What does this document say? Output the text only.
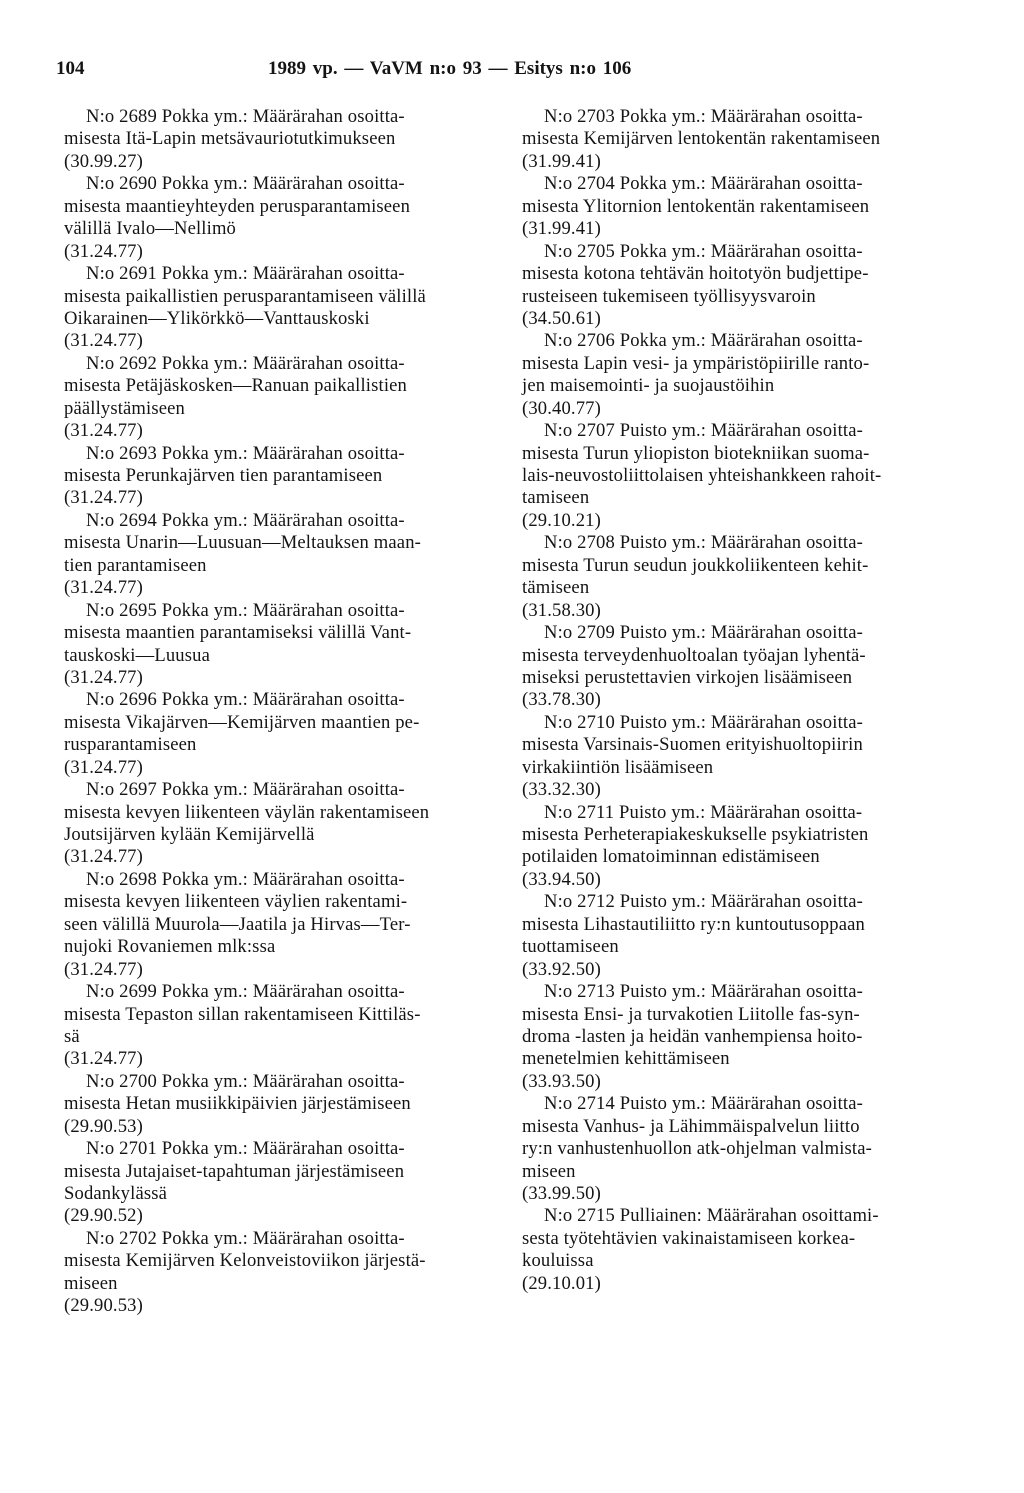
104	1989 vp. — VaVM n:o 93 — Esitys n:o 106
N:o 2689 Pokka ym.: Määrärahan osoitta-
misesta Itä-Lapin metsävauriotutkimukseen
(30.99.27)
N:o 2690 Pokka ym.: Määrärahan osoitta-
misesta maantieyhteyden perusparantamiseen
välillä Ivalo—Nellimö
(31.24.77)
N:o 2691 Pokka ym.: Määrärahan osoitta-
misesta paikallistien perusparantamiseen välillä
Oikarainen—Ylikörkkö—Vanttauskoski
(31.24.77)
N:o 2692 Pokka ym.: Määrärahan osoitta-
misesta Petäjäskosken—Ranuan paikallistien
päällystämiseen
(31.24.77)
N:o 2693 Pokka ym.: Määrärahan osoitta-
misesta Perunkajärven tien parantamiseen
(31.24.77)
N:o 2694 Pokka ym.: Määrärahan osoitta-
misesta Unarin—Luusuan—Meltauksen maan-
tien parantamiseen
(31.24.77)
N:o 2695 Pokka ym.: Määrärahan osoitta-
misesta maantien parantamiseksi välillä Vant-
tauskoski—Luusua
(31.24.77)
N:o 2696 Pokka ym.: Määrärahan osoitta-
misesta Vikajärven—Kemijärven maantien pe-
rusparantamiseen
(31.24.77)
N:o 2697 Pokka ym.: Määrärahan osoitta-
misesta kevyen liikenteen väylän rakentamiseen
Joutsijärven kylään Kemijärvellä
(31.24.77)
N:o 2698 Pokka ym.: Määrärahan osoitta-
misesta kevyen liikenteen väylien rakentami-
seen välillä Muurola—Jaatila ja Hirvas—Ter-
nujoki Rovaniemen mlk:ssa
(31.24.77)
N:o 2699 Pokka ym.: Määrärahan osoitta-
misesta Tepaston sillan rakentamiseen Kittiläs-
sä
(31.24.77)
N:o 2700 Pokka ym.: Määrärahan osoitta-
misesta Hetan musiikkipäivien järjestämiseen
(29.90.53)
N:o 2701 Pokka ym.: Määrärahan osoitta-
misesta Jutajaiset-tapahtuman järjestämiseen
Sodankylässä
(29.90.52)
N:o 2702 Pokka ym.: Määrärahan osoitta-
misesta Kemijärven Kelonveistoviikon järjestä-
miseen
(29.90.53)
N:o 2703 Pokka ym.: Määrärahan osoitta-
misesta Kemijärven lentokentän rakentamiseen
(31.99.41)
N:o 2704 Pokka ym.: Määrärahan osoitta-
misesta Ylitornion lentokentän rakentamiseen
(31.99.41)
N:o 2705 Pokka ym.: Määrärahan osoitta-
misesta kotona tehtävän hoitotyön budjettipe-
rusteiseen tukemiseen työllisyysvaroin
(34.50.61)
N:o 2706 Pokka ym.: Määrärahan osoitta-
misesta Lapin vesi- ja ympäristöpiirille ranto-
jen maisemointi- ja suojaustöihin
(30.40.77)
N:o 2707 Puisto ym.: Määrärahan osoitta-
misesta Turun yliopiston biotekniikan suoma-
lais-neuvostoliittolaisen yhteishankkeen rahoit-
tamiseen
(29.10.21)
N:o 2708 Puisto ym.: Määrärahan osoitta-
misesta Turun seudun joukkoliikenteen kehit-
tämiseen
(31.58.30)
N:o 2709 Puisto ym.: Määrärahan osoitta-
misesta terveydenhuoltoalan työajan lyhentä-
miseksi perustettavien virkojen lisäämiseen
(33.78.30)
N:o 2710 Puisto ym.: Määrärahan osoitta-
misesta Varsinais-Suomen erityishuoltopiirin
virkakiintiön lisäämiseen
(33.32.30)
N:o 2711 Puisto ym.: Määrärahan osoitta-
misesta Perheterapiakeskukselle psykiatristen
potilaiden lomatoiminnan edistämiseen
(33.94.50)
N:o 2712 Puisto ym.: Määrärahan osoitta-
misesta Lihastautiliitto ry:n kuntoutusoppaan
tuottamiseen
(33.92.50)
N:o 2713 Puisto ym.: Määrärahan osoitta-
misesta Ensi- ja turvakotien Liitolle fas-syn-
droma -lasten ja heidän vanhempiensa hoito-
menetelmien kehittämiseen
(33.93.50)
N:o 2714 Puisto ym.: Määrärahan osoitta-
misesta Vanhus- ja Lähimmäispalvelun liitto
ry:n vanhustenhuollon atk-ohjelman valmista-
miseen
(33.99.50)
N:o 2715 Pulliainen: Määrärahan osoittami-
sesta työtehtävien vakinaistamiseen korkea-
kouluissa
(29.10.01)
